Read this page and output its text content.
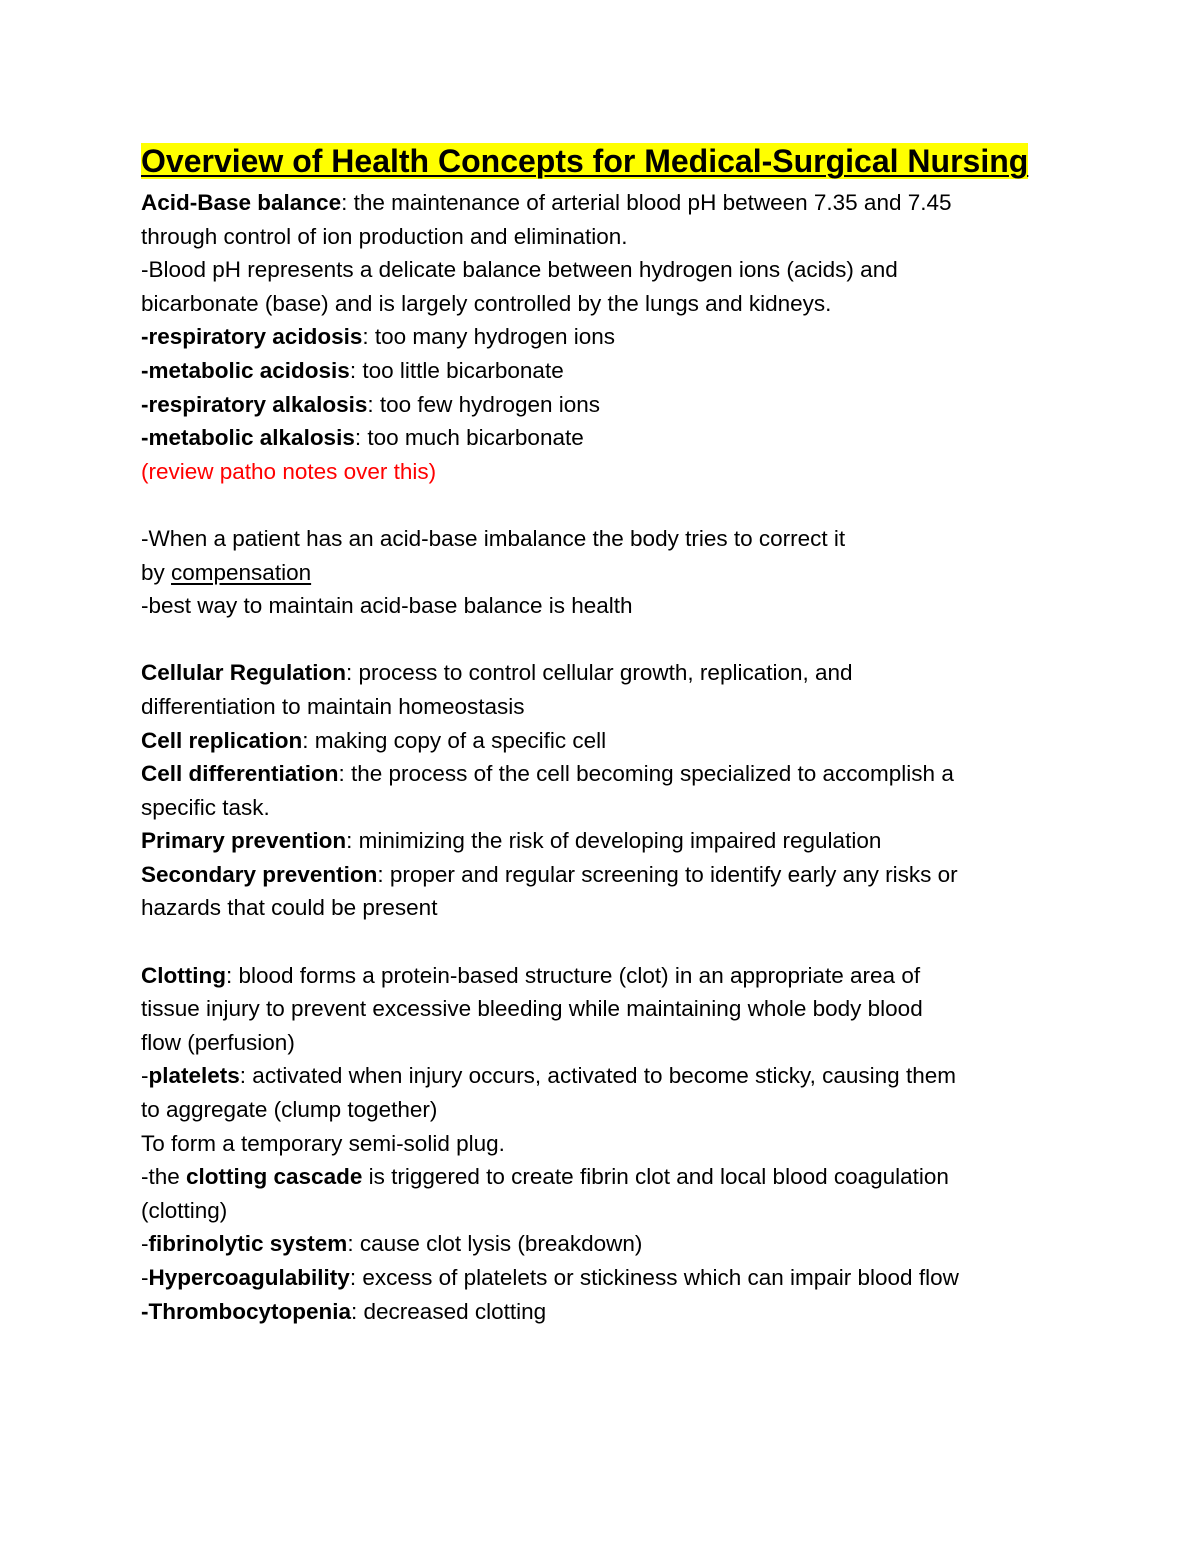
Overview of Health Concepts for Medical-Surgical Nursing

Acid-Base balance: the maintenance of arterial blood pH between 7.35 and 7.45

through control of ion production and elimination.

-Blood pH represents a delicate balance between hydrogen ions (acids) and

bicarbonate (base) and is largely controlled by the lungs and kidneys.

-respiratory acidosis: too many hydrogen ions

-metabolic acidosis: too little bicarbonate

-respiratory alkalosis: too few hydrogen ions

-metabolic alkalosis: too much bicarbonate

(review patho notes over this)

-When a patient has an acid-base imbalance the body tries to correct it

by compensation

-best way to maintain acid-base balance is health

Cellular Regulation: process to control cellular growth, replication, and

differentiation to maintain homeostasis

Cell replication: making copy of a specific cell

Cell differentiation: the process of the cell becoming specialized to accomplish a

specific task.

Primary prevention: minimizing the risk of developing impaired regulation

Secondary prevention: proper and regular screening to identify early any risks or

hazards that could be present

Clotting: blood forms a protein-based structure (clot) in an appropriate area of

tissue injury to prevent excessive bleeding while maintaining whole body blood

flow (perfusion)

-platelets: activated when injury occurs, activated to become sticky, causing them

to aggregate (clump together)

To form a temporary semi-solid plug.

-the clotting cascade is triggered to create fibrin clot and local blood coagulation

(clotting)

-fibrinolytic system: cause clot lysis (breakdown)

-Hypercoagulability: excess of platelets or stickiness which can impair blood flow

-Thrombocytopenia: decreased clotting
